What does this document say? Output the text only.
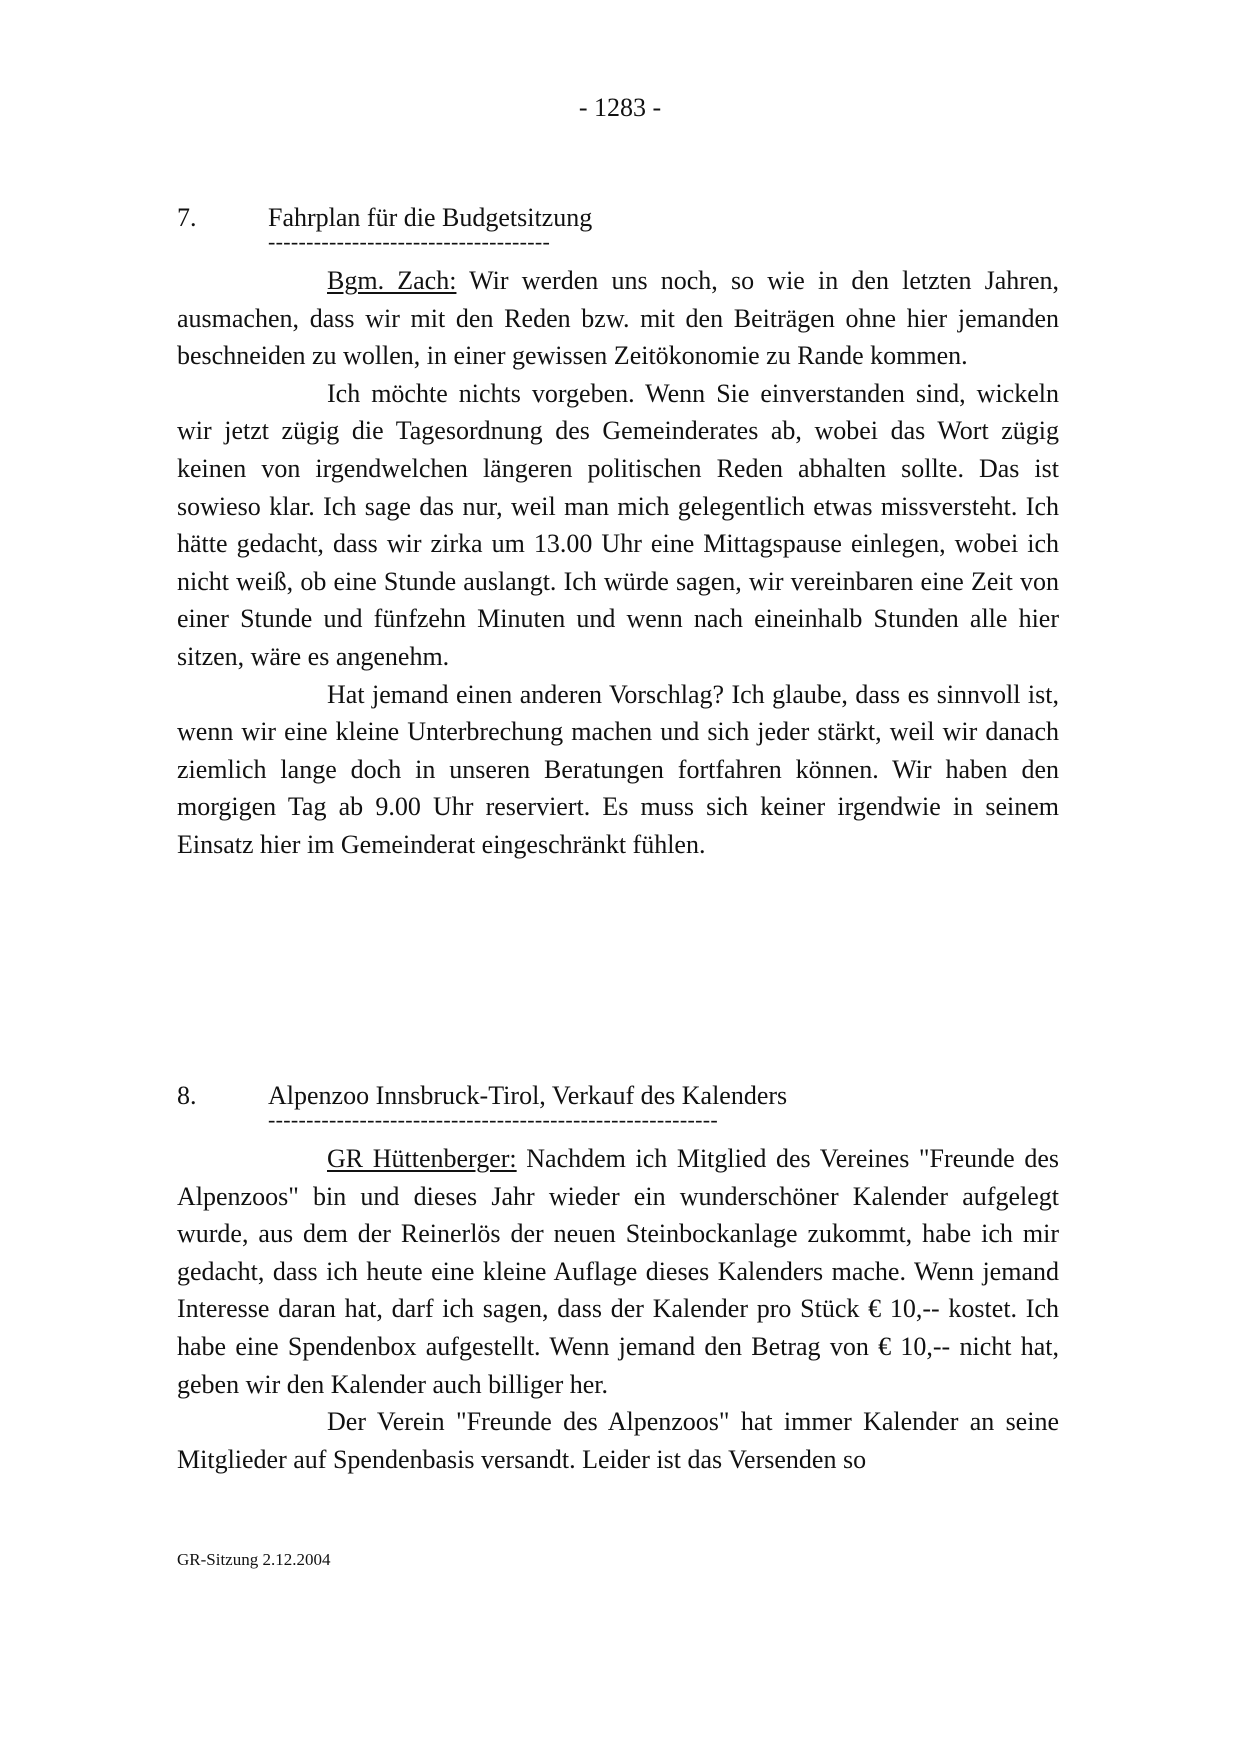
- 1283 -
7.	Fahrplan für die Budgetsitzung
-------------------------------------

Bgm. Zach: Wir werden uns noch, so wie in den letzten Jahren, ausmachen, dass wir mit den Reden bzw. mit den Beiträgen ohne hier jemanden beschneiden zu wollen, in einer gewissen Zeitökonomie zu Rande kommen.

Ich möchte nichts vorgeben. Wenn Sie einverstanden sind, wickeln wir jetzt zügig die Tagesordnung des Gemeinderates ab, wobei das Wort zügig keinen von irgendwelchen längeren politischen Reden abhalten sollte. Das ist sowieso klar. Ich sage das nur, weil man mich gelegentlich etwas missversteht. Ich hätte gedacht, dass wir zirka um 13.00 Uhr eine Mittagspause einlegen, wobei ich nicht weiß, ob eine Stunde auslangt. Ich würde sagen, wir vereinbaren eine Zeit von einer Stunde und fünfzehn Minuten und wenn nach eineinhalb Stunden alle hier sitzen, wäre es angenehm.

Hat jemand einen anderen Vorschlag? Ich glaube, dass es sinnvoll ist, wenn wir eine kleine Unterbrechung machen und sich jeder stärkt, weil wir danach ziemlich lange doch in unseren Beratungen fortfahren können. Wir haben den morgigen Tag ab 9.00 Uhr reserviert. Es muss sich keiner irgendwie in seinem Einsatz hier im Gemeinderat eingeschränkt fühlen.

8.	Alpenzoo Innsbruck-Tirol, Verkauf des Kalenders
-----------------------------------------------------------

GR Hüttenberger: Nachdem ich Mitglied des Vereines "Freunde des Alpenzoos" bin und dieses Jahr wieder ein wunderschöner Kalender aufgelegt wurde, aus dem der Reinerlös der neuen Steinbockanlage zukommt, habe ich mir gedacht, dass ich heute eine kleine Auflage dieses Kalenders mache. Wenn jemand Interesse daran hat, darf ich sagen, dass der Kalender pro Stück € 10,-- kostet. Ich habe eine Spendenbox aufgestellt. Wenn jemand den Betrag von € 10,-- nicht hat, geben wir den Kalender auch billiger her.

Der Verein "Freunde des Alpenzoos" hat immer Kalender an seine Mitglieder auf Spendenbasis versandt. Leider ist das Versenden so

GR-Sitzung 2.12.2004
